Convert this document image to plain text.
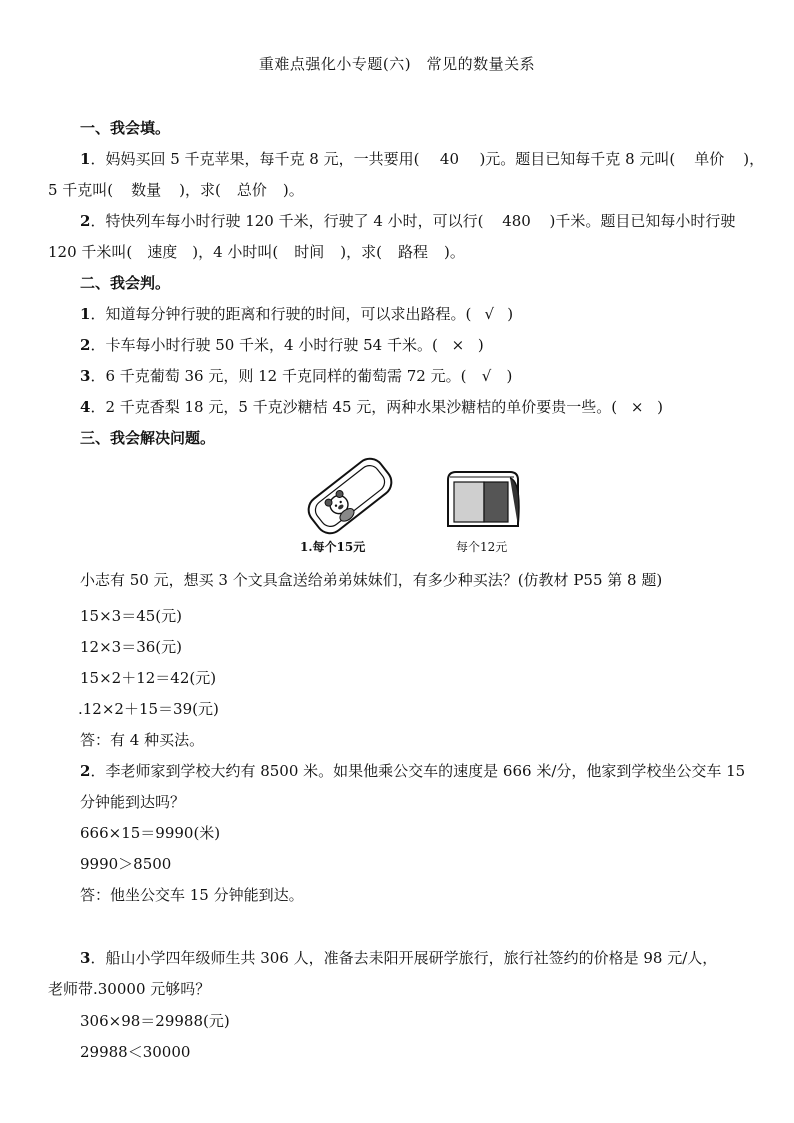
重难点强化小专题(六)　常见的数量关系
一、我会填。
1．妈妈买回 5 千克苹果，每千克 8 元，一共要用( 40 )元。题目已知每千克 8 元叫( 单价 )，
5 千克叫( 数量 )，求( 总价 )。
2．特快列车每小时行驶 120 千米，行驶了 4 小时，可以行( 480 )千米。题目已知每小时行驶
120 千米叫( 速度 )，4 小时叫( 时间 )，求( 路程 )。
二、我会判。
1．知道每分钟行驶的距离和行驶的时间，可以求出路程。( √ )
2．卡车每小时行驶 50 千米，4 小时行驶 54 千米。( × )
3．6 千克葡萄 36 元，则 12 千克同样的葡萄需 72 元。( √ )
4．2 千克香梨 18 元，5 千克沙糖桔 45 元，两种水果沙糖桔的单价要贵一些。( × )
三、我会解决问题。
1.每个15元	每个12元
小志有 50 元，想买 3 个文具盒送给弟弟妹妹们，有多少种买法？(仿教材 P55 第 8 题)
15×3＝45(元)
12×3＝36(元)
15×2＋12＝42(元)
.12×2＋15＝39(元)
答：有 4 种买法。
2．李老师家到学校大约有 8500 米。如果他乘公交车的速度是 666 米/分，他家到学校坐公交车 15
分钟能到达吗？
666×15＝9990(米)
9990＞8500
答：他坐公交车 15 分钟能到达。
3．船山小学四年级师生共 306 人，准备去耒阳开展研学旅行，旅行社签约的价格是 98 元/人，
老师带.30000 元够吗？
306×98＝29988(元)
29988＜30000
